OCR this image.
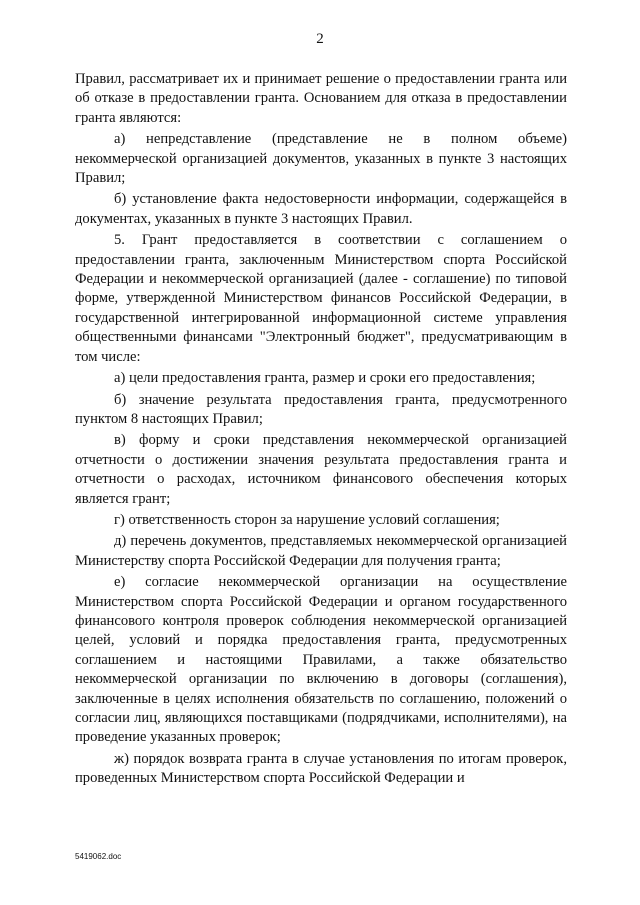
2

Правил, рассматривает их и принимает решение о предоставлении гранта или об отказе в предоставлении гранта. Основанием для отказа в предоставлении гранта являются:

а) непредставление (представление не в полном объеме) некоммерческой организацией документов, указанных в пункте 3 настоящих Правил;

б) установление факта недостоверности информации, содержащейся в документах, указанных в пункте 3 настоящих Правил.

5. Грант предоставляется в соответствии с соглашением о предоставлении гранта, заключенным Министерством спорта Российской Федерации и некоммерческой организацией (далее - соглашение) по типовой форме, утвержденной Министерством финансов Российской Федерации, в государственной интегрированной информационной системе управления общественными финансами "Электронный бюджет", предусматривающим в том числе:

а) цели предоставления гранта, размер и сроки его предоставления;

б) значение результата предоставления гранта, предусмотренного пунктом 8 настоящих Правил;

в) форму и сроки представления некоммерческой организацией отчетности о достижении значения результата предоставления гранта и отчетности о расходах, источником финансового обеспечения которых является грант;

г) ответственность сторон за нарушение условий соглашения;

д) перечень документов, представляемых некоммерческой организацией Министерству спорта Российской Федерации для получения гранта;

е) согласие некоммерческой организации на осуществление Министерством спорта Российской Федерации и органом государственного финансового контроля проверок соблюдения некоммерческой организацией целей, условий и порядка предоставления гранта, предусмотренных соглашением и настоящими Правилами, а также обязательство некоммерческой организации по включению в договоры (соглашения), заключенные в целях исполнения обязательств по соглашению, положений о согласии лиц, являющихся поставщиками (подрядчиками, исполнителями), на проведение указанных проверок;

ж) порядок возврата гранта в случае установления по итогам проверок, проведенных Министерством спорта Российской Федерации и

5419062.doc
